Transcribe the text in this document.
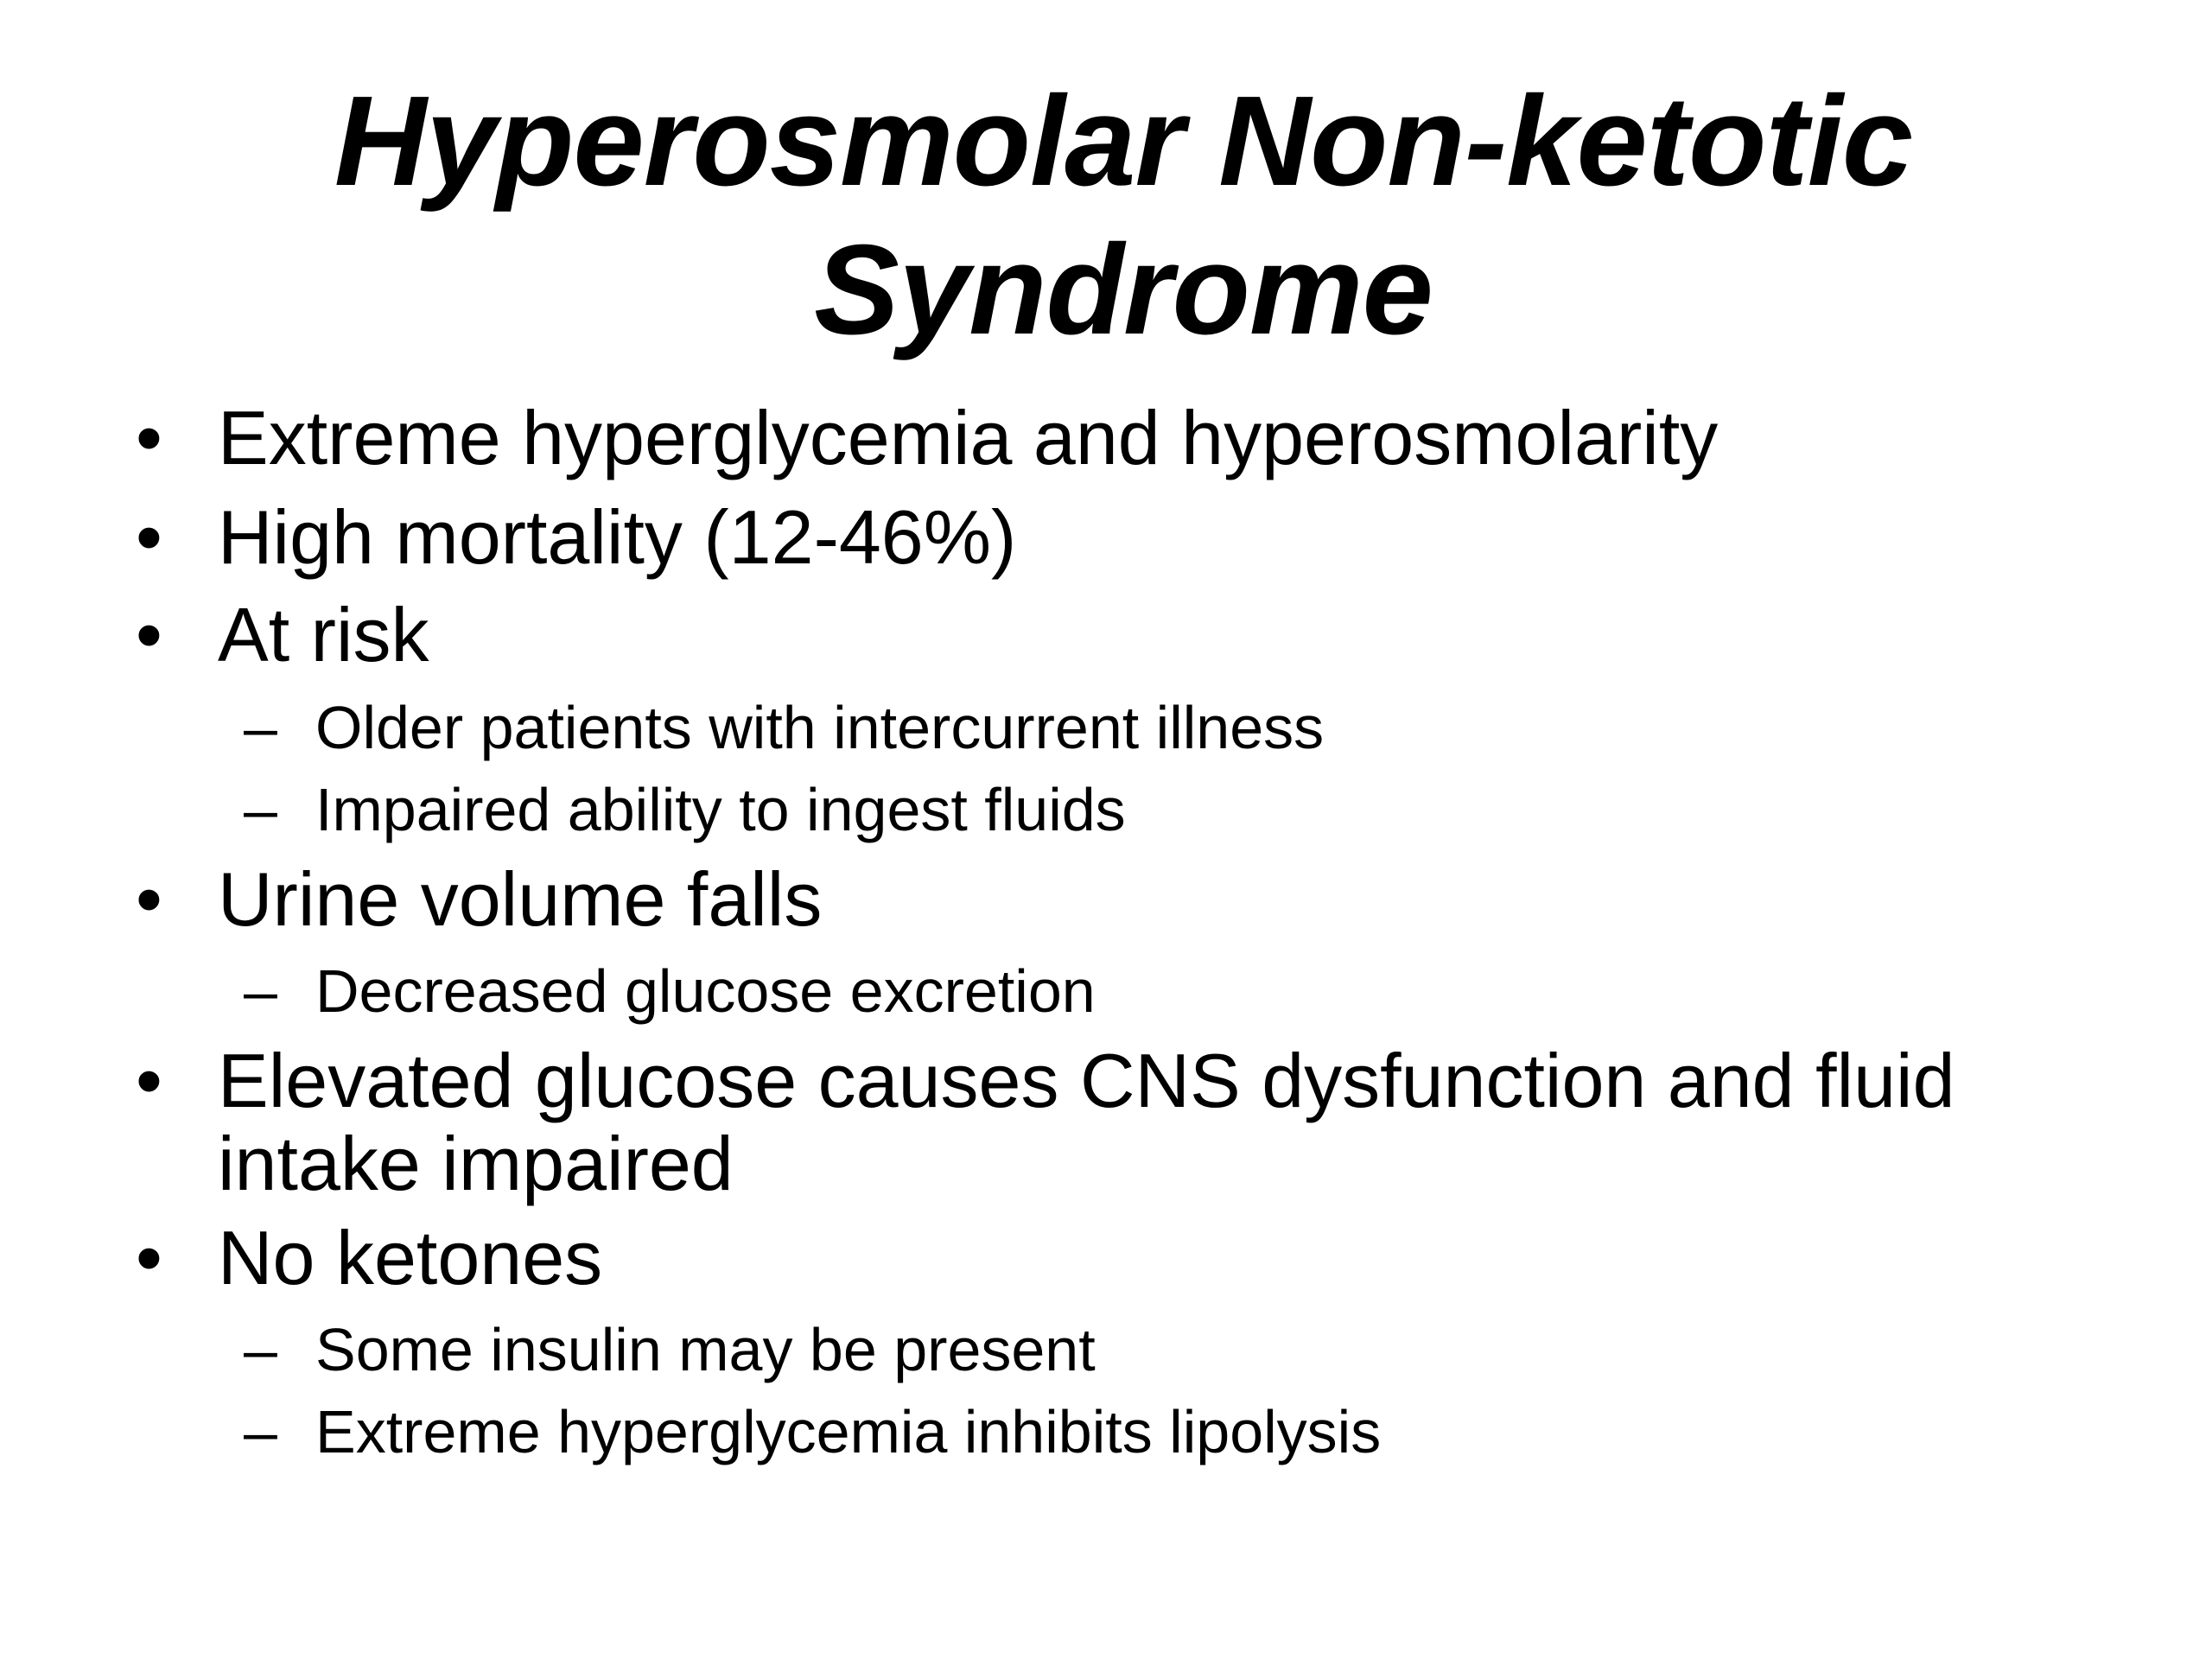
Hyperosmolar Non-ketotic
Syndrome
• Extreme hyperglycemia and hyperosmolarity
• High mortality (12-46%)
• At risk
– Older patients with intercurrent illness
– Impaired ability to ingest fluids
• Urine volume falls
– Decreased glucose excretion
• Elevated glucose causes CNS dysfunction and fluid
intake impaired
• No ketones
– Some insulin may be present
– Extreme hyperglycemia inhibits lipolysis
